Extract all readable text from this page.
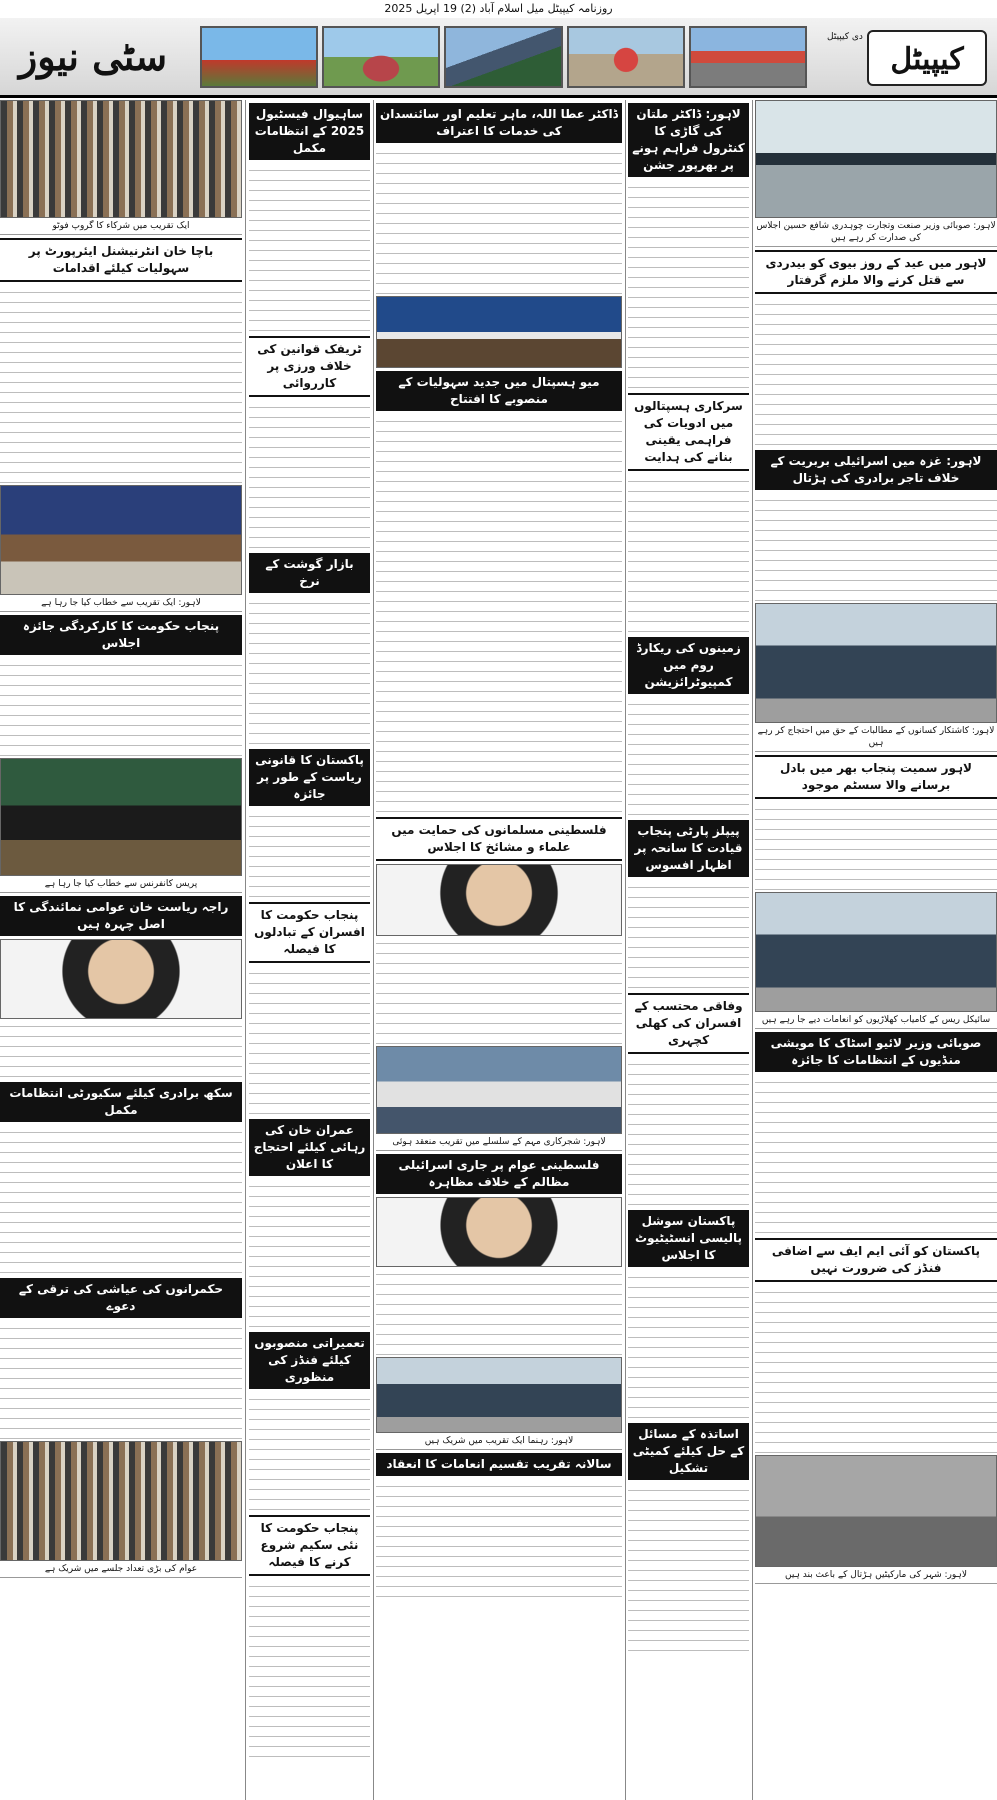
روزنامہ کیپیٹل میل اسلام آباد (2) 19 اپریل 2025
سٹی نیوز	کیپیٹل
دی کیپیٹل
ایک تقریب میں شرکاء کا گروپ فوٹو
باچا خان انٹرنیشنل ایئرپورٹ پر سہولیات کیلئے اقدامات
لاہور: ایک تقریب سے خطاب کیا جا رہا ہے
پنجاب حکومت کا کارکردگی جائزہ اجلاس
پریس کانفرنس سے خطاب کیا جا رہا ہے
راجہ ریاست خان عوامی نمائندگی کا اصل چہرہ ہیں
سکھ برادری کیلئے سکیورٹی انتظامات مکمل
حکمرانوں کی عیاشی کی ترقی کے دعوے
عوام کی بڑی تعداد جلسے میں شریک ہے
ساہیوال فیسٹیول 2025 کے انتظامات مکمل
ٹریفک قوانین کی خلاف ورزی پر کارروائی
بازار گوشت کے نرخ
پاکستان کا قانونی ریاست کے طور پر جائزہ
پنجاب حکومت کا افسران کے تبادلوں کا فیصلہ
عمران خان کی رہائی کیلئے احتجاج کا اعلان
تعمیراتی منصوبوں کیلئے فنڈز کی منظوری
پنجاب حکومت کا نئی سکیم شروع کرنے کا فیصلہ
ڈاکٹر عطا اللہ، ماہر تعلیم اور سائنسدان کی خدمات کا اعتراف
میو ہسپتال میں جدید سہولیات کے منصوبے کا افتتاح
فلسطینی مسلمانوں کی حمایت میں علماء و مشائخ کا اجلاس
لاہور: شجرکاری مہم کے سلسلے میں تقریب منعقد ہوئی
فلسطینی عوام پر جاری اسرائیلی مظالم کے خلاف مظاہرہ
لاہور: رہنما ایک تقریب میں شریک ہیں
سالانہ تقریب تقسیم انعامات کا انعقاد
لاہور: ڈاکٹر ملتان کی گاڑی کا کنٹرول فراہم ہونے پر بھرپور جشن
سرکاری ہسپتالوں میں ادویات کی فراہمی یقینی بنانے کی ہدایت
زمینوں کی ریکارڈ روم میں کمپیوٹرائزیشن
پیپلز پارٹی پنجاب قیادت کا سانحہ پر اظہار افسوس
وفاقی محتسب کے افسران کی کھلی کچہری
پاکستان سوشل پالیسی انسٹیٹیوٹ کا اجلاس
اساتذہ کے مسائل کے حل کیلئے کمیٹی تشکیل
لاہور: صوبائی وزیر صنعت وتجارت چوہدری شافع حسین اجلاس کی صدارت کر رہے ہیں
لاہور میں عید کے روز بیوی کو بیدردی سے قتل کرنے والا ملزم گرفتار
لاہور: غزہ میں اسرائیلی بربریت کے خلاف تاجر برادری کی ہڑتال
لاہور: کاشتکار کسانوں کے مطالبات کے حق میں احتجاج کر رہے ہیں
لاہور سمیت پنجاب بھر میں بادل برسانے والا سسٹم موجود
سائیکل ریس کے کامیاب کھلاڑیوں کو انعامات دیے جا رہے ہیں
صوبائی وزیر لائیو اسٹاک کا مویشی منڈیوں کے انتظامات کا جائزہ
پاکستان کو آئی ایم ایف سے اضافی فنڈز کی ضرورت نہیں
لاہور: شہر کی مارکیٹیں ہڑتال کے باعث بند ہیں
